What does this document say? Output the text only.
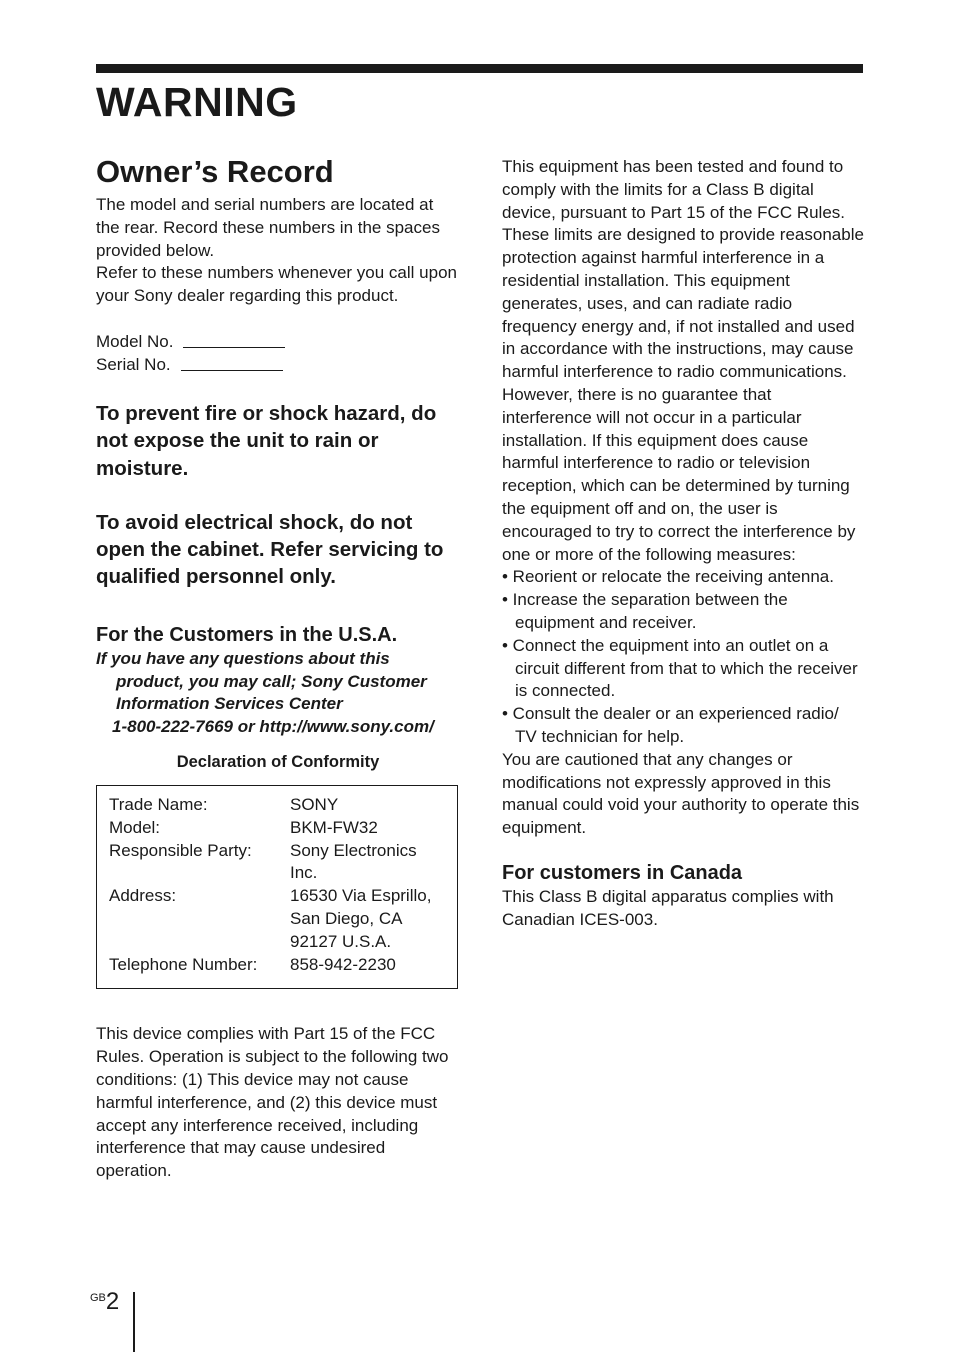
WARNING
Owner’s Record

The model and serial numbers are located at the rear. Record these numbers in the spaces provided below.

Refer to these numbers whenever you call upon your Sony dealer regarding this product.

Model No.
Serial No.

To prevent fire or shock hazard, do not expose the unit to rain or moisture.

To avoid electrical shock, do not open the cabinet. Refer servicing to qualified personnel only.

For the Customers in the U.S.A.

If you have any questions about this
product, you may call; Sony Customer
Information Services Center
1-800-222-7669 or http://www.sony.com/

Declaration of Conformity

Trade Name:	SONY
Model:	BKM-FW32
Responsible Party:	Sony Electronics Inc.
Address:	16530 Via Esprillo, San Diego, CA 92127 U.S.A.
Telephone Number:	858-942-2230

This device complies with Part 15 of the FCC Rules. Operation is subject to the following two conditions: (1) This device may not cause harmful interference, and (2) this device must accept any interference received, including interference that may cause undesired operation.

This equipment has been tested and found to comply with the limits for a Class B digital device, pursuant to Part 15 of the FCC Rules. These limits are designed to provide reasonable protection against harmful interference in a residential installation. This equipment generates, uses, and can radiate radio frequency energy and, if not installed and used in accordance with the instructions, may cause harmful interference to radio communications. However, there is no guarantee that interference will not occur in a particular installation. If this equipment does cause harmful interference to radio or television reception, which can be determined by turning the equipment off and on, the user is encouraged to try to correct the interference by one or more of the following measures:

• Reorient or relocate the receiving antenna.
• Increase the separation between the equipment and receiver.
• Connect the equipment into an outlet on a circuit different from that to which the receiver is connected.
• Consult the dealer or an experienced radio/ TV technician for help.

You are cautioned that any changes or modifications not expressly approved in this manual could void your authority to operate this equipment.

For customers in Canada

This Class B digital apparatus complies with Canadian ICES-003.

GB 2
